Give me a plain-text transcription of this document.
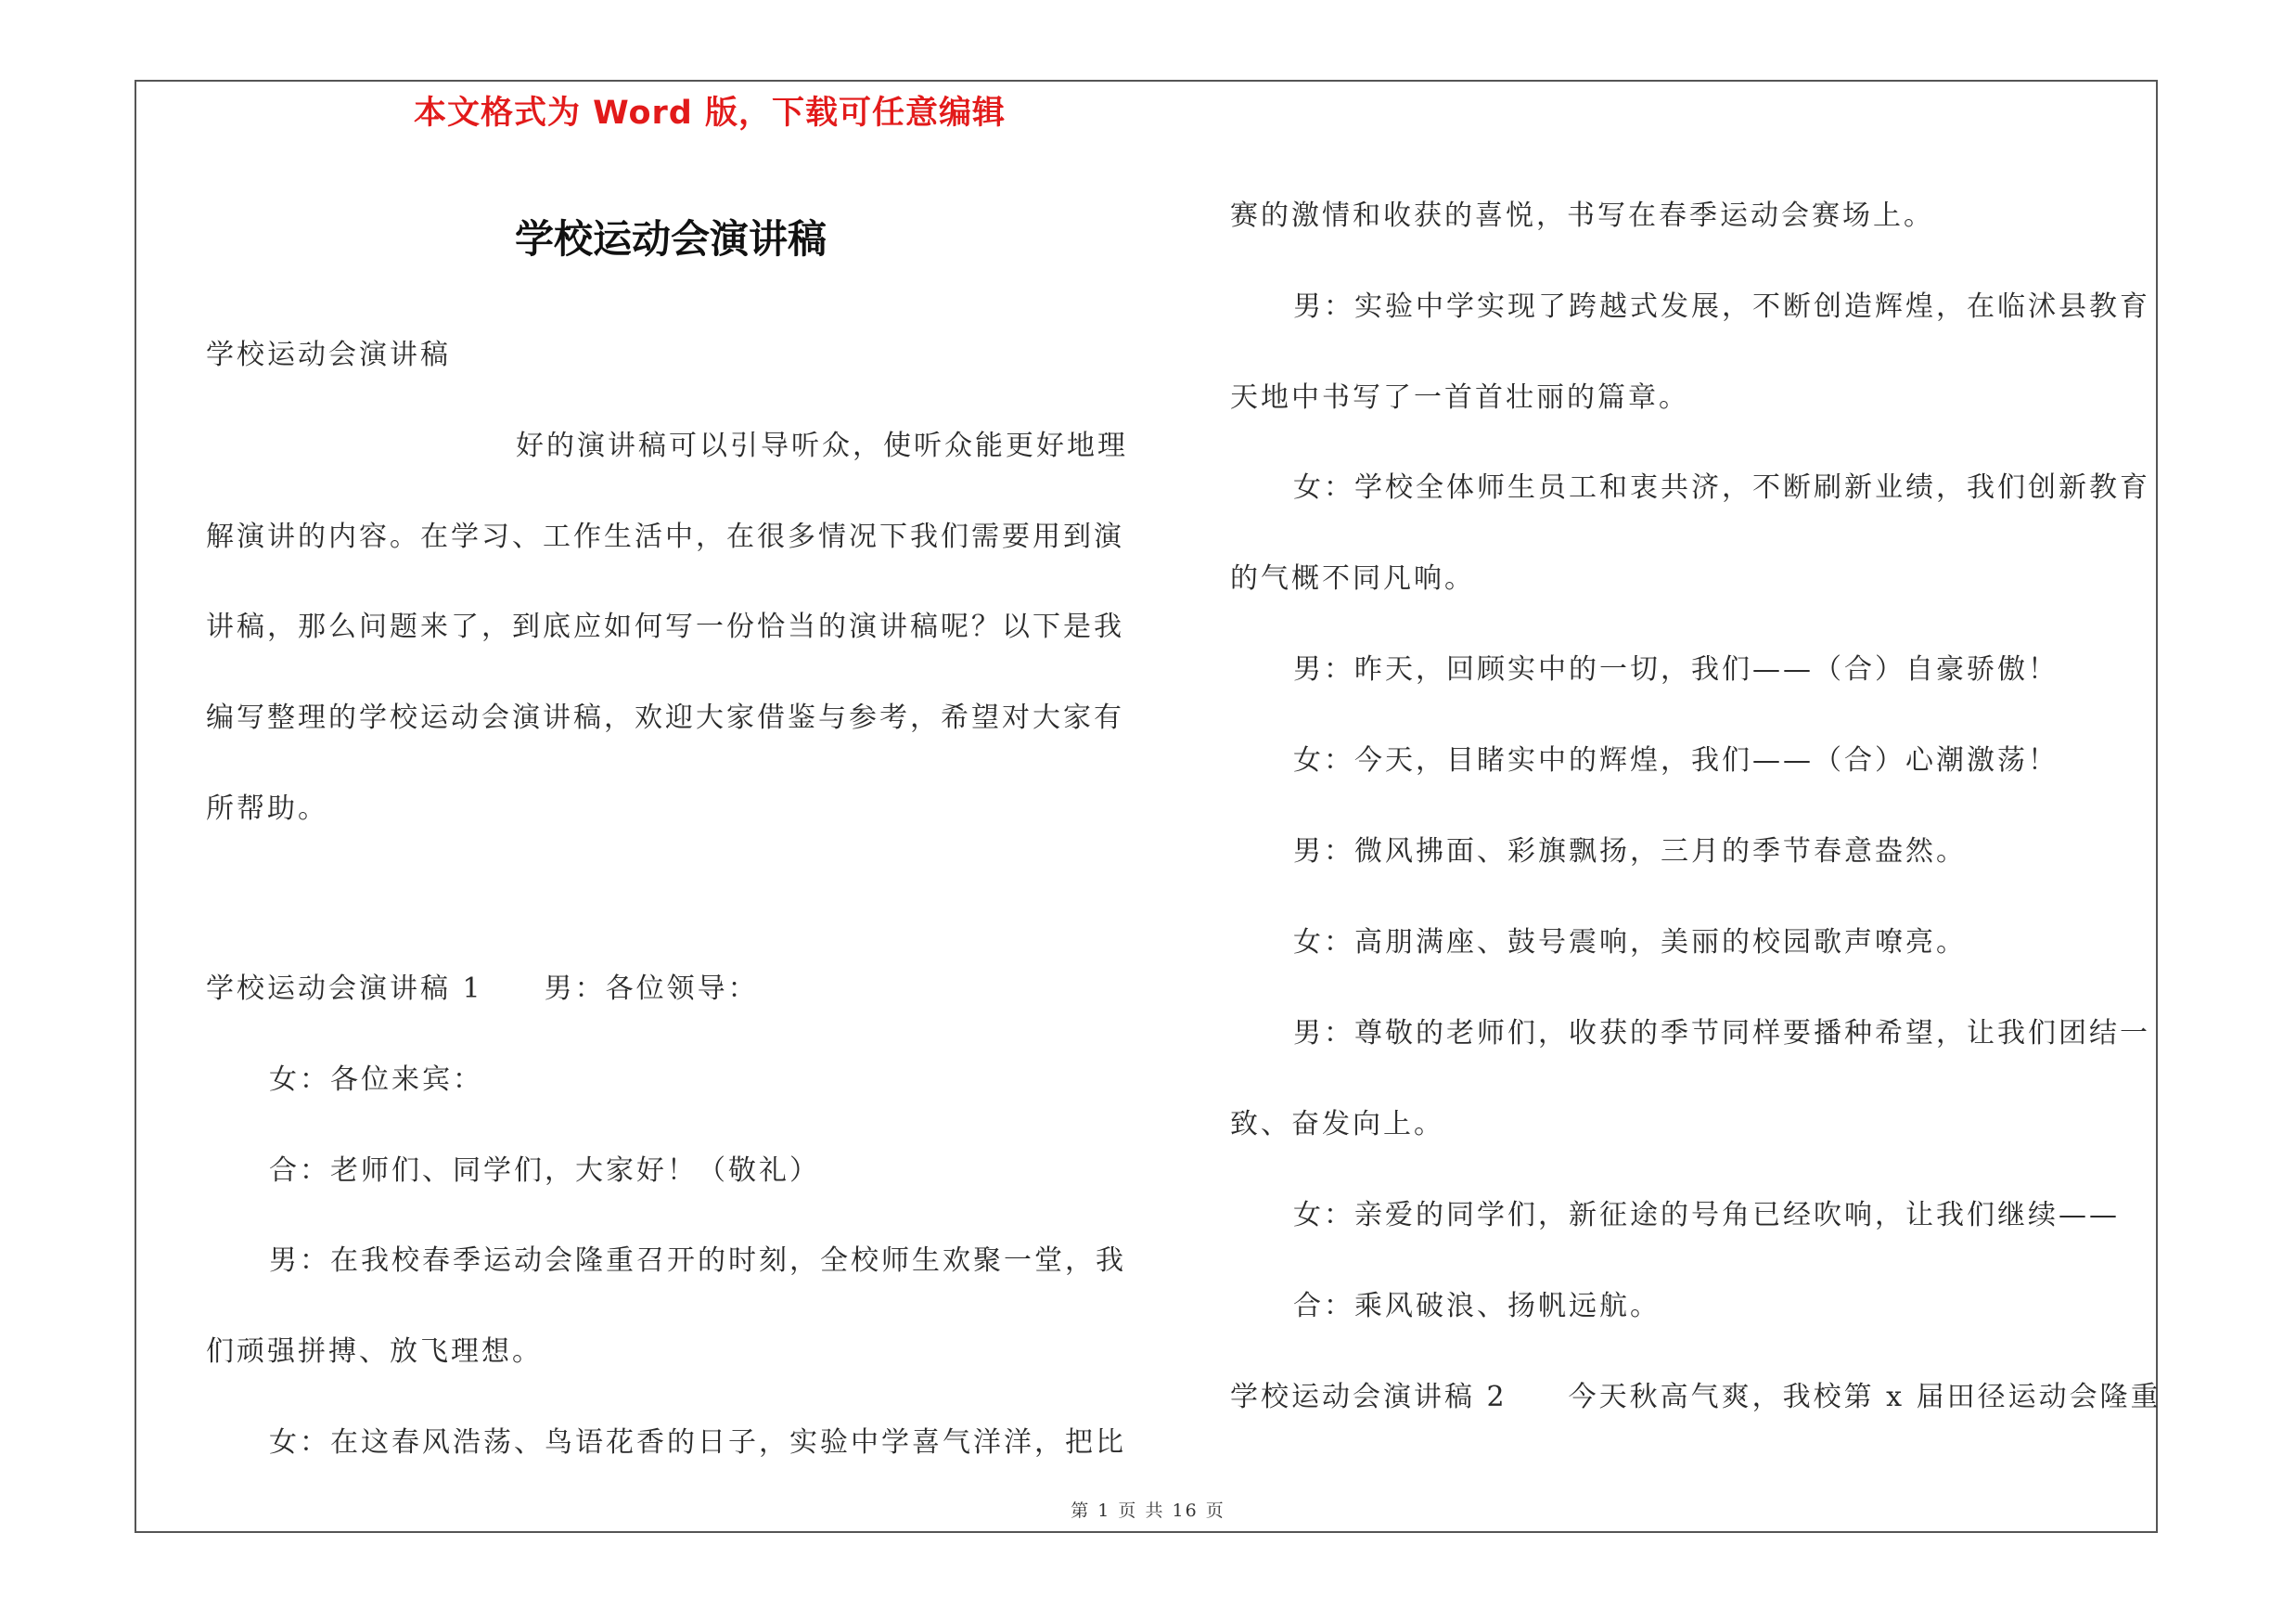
本文格式为 Word 版，下载可任意编辑
学校运动会演讲稿
学校运动会演讲稿
好的演讲稿可以引导听众，使听众能更好地理
解演讲的内容。在学习、工作生活中，在很多情况下我们需要用到演
讲稿，那么问题来了，到底应如何写一份恰当的演讲稿呢？以下是我
编写整理的学校运动会演讲稿，欢迎大家借鉴与参考，希望对大家有
所帮助。
学校运动会演讲稿 1　　男：各位领导：
女：各位来宾：
合：老师们、同学们，大家好！（敬礼）
男：在我校春季运动会隆重召开的时刻，全校师生欢聚一堂，我
们顽强拼搏、放飞理想。
女：在这春风浩荡、鸟语花香的日子，实验中学喜气洋洋，把比
赛的激情和收获的喜悦，书写在春季运动会赛场上。
男：实验中学实现了跨越式发展，不断创造辉煌，在临沭县教育
天地中书写了一首首壮丽的篇章。
女：学校全体师生员工和衷共济，不断刷新业绩，我们创新教育
的气概不同凡响。
男：昨天，回顾实中的一切，我们——（合）自豪骄傲！
女：今天，目睹实中的辉煌，我们——（合）心潮激荡！
男：微风拂面、彩旗飘扬，三月的季节春意盎然。
女：高朋满座、鼓号震响，美丽的校园歌声嘹亮。
男：尊敬的老师们，收获的季节同样要播种希望，让我们团结一
致、奋发向上。
女：亲爱的同学们，新征途的号角已经吹响，让我们继续——
合：乘风破浪、扬帆远航。
学校运动会演讲稿 2　　今天秋高气爽，我校第 x 届田径运动会隆重
第 1 页 共 16 页
